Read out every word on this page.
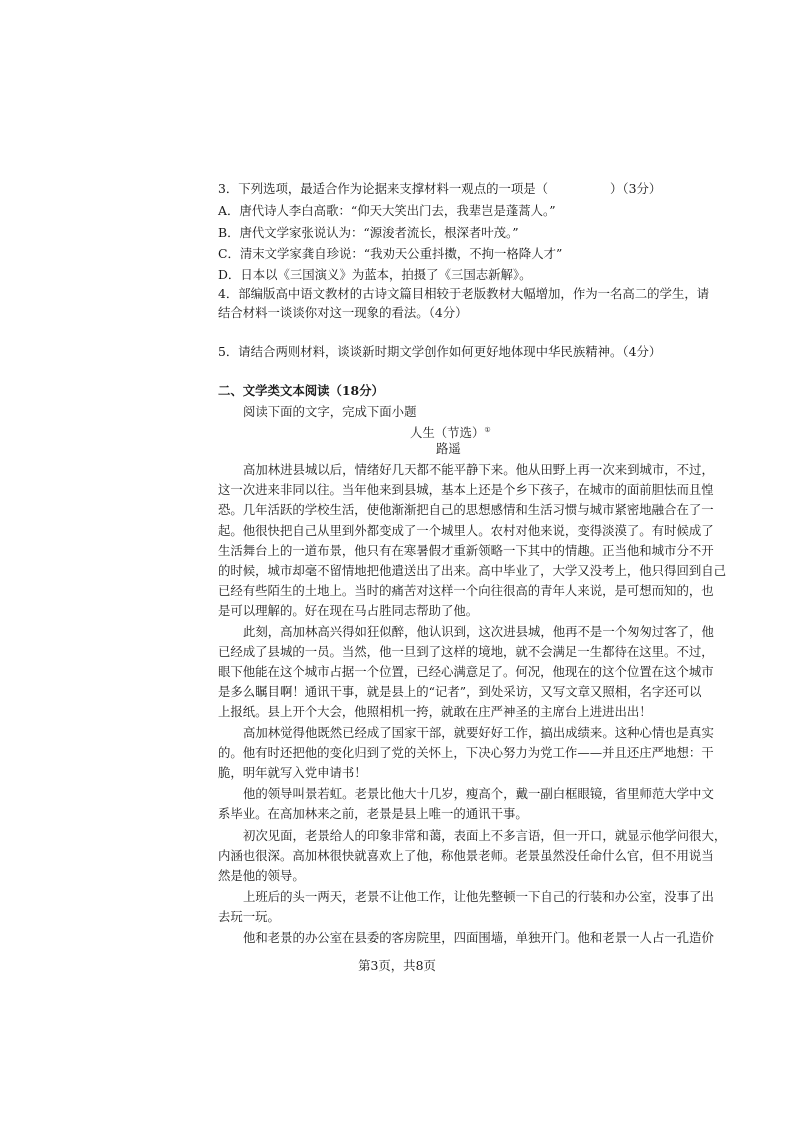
3．下列选项，最适合作为论据来支撑材料一观点的一项是（　　　　　）（3分）
A．唐代诗人李白高歌：“仰天大笑出门去，我辈岂是蓬蒿人。”
B．唐代文学家张说认为：“源浚者流长，根深者叶茂。”
C．清末文学家龚自珍说：“我劝天公重抖擞，不拘一格降人才”
D．日本以《三国演义》为蓝本，拍摄了《三国志新解》。
4．部编版高中语文教材的古诗文篇目相较于老版教材大幅增加，作为一名高二的学生，请
结合材料一谈谈你对这一现象的看法。（4分）
5．请结合两则材料，谈谈新时期文学创作如何更好地体现中华民族精神。（4分）
二、文学类文本阅读（18分）
阅读下面的文字，完成下面小题
人生（节选）①
路遥
高加林进县城以后，情绪好几天都不能平静下来。他从田野上再一次来到城市，不过，
这一次进来非同以往。当年他来到县城，基本上还是个乡下孩子，在城市的面前胆怯而且惶
恐。几年活跃的学校生活，使他渐渐把自己的思想感情和生活习惯与城市紧密地融合在了一
起。他很快把自己从里到外都变成了一个城里人。农村对他来说，变得淡漠了。有时候成了
生活舞台上的一道布景，他只有在寒暑假才重新领略一下其中的情趣。正当他和城市分不开
的时候，城市却毫不留情地把他遣送出了出来。高中毕业了，大学又没考上，他只得回到自己
已经有些陌生的土地上。当时的痛苦对这样一个向往很高的青年人来说，是可想而知的，也
是可以理解的。好在现在马占胜同志帮助了他。
此刻，高加林高兴得如狂似醉，他认识到，这次进县城，他再不是一个匆匆过客了，他
已经成了县城的一员。当然，他一旦到了这样的境地，就不会满足一生都待在这里。不过，
眼下他能在这个城市占据一个位置，已经心满意足了。何况，他现在的这个位置在这个城市
是多么瞩目啊！通讯干事，就是县上的“记者”，到处采访，又写文章又照相，名字还可以
上报纸。县上开个大会，他照相机一挎，就敢在庄严神圣的主席台上进进出出！
高加林觉得他既然已经成了国家干部，就要好好工作，搞出成绩来。这种心情也是真实
的。他有时还把他的变化归到了党的关怀上，下决心努力为党工作——并且还庄严地想：干
脆，明年就写入党申请书！
他的领导叫景若虹。老景比他大十几岁，瘦高个，戴一副白框眼镜，省里师范大学中文
系毕业。在高加林来之前，老景是县上唯一的通讯干事。
初次见面，老景给人的印象非常和蔼，表面上不多言语，但一开口，就显示他学问很大，
内涵也很深。高加林很快就喜欢上了他，称他景老师。老景虽然没任命什么官，但不用说当
然是他的领导。
上班后的头一两天，老景不让他工作，让他先整顿一下自己的行装和办公室，没事了出
去玩一玩。
他和老景的办公室在县委的客房院里，四面围墙，单独开门。他和老景一人占一孔造价
第3页，共8页
